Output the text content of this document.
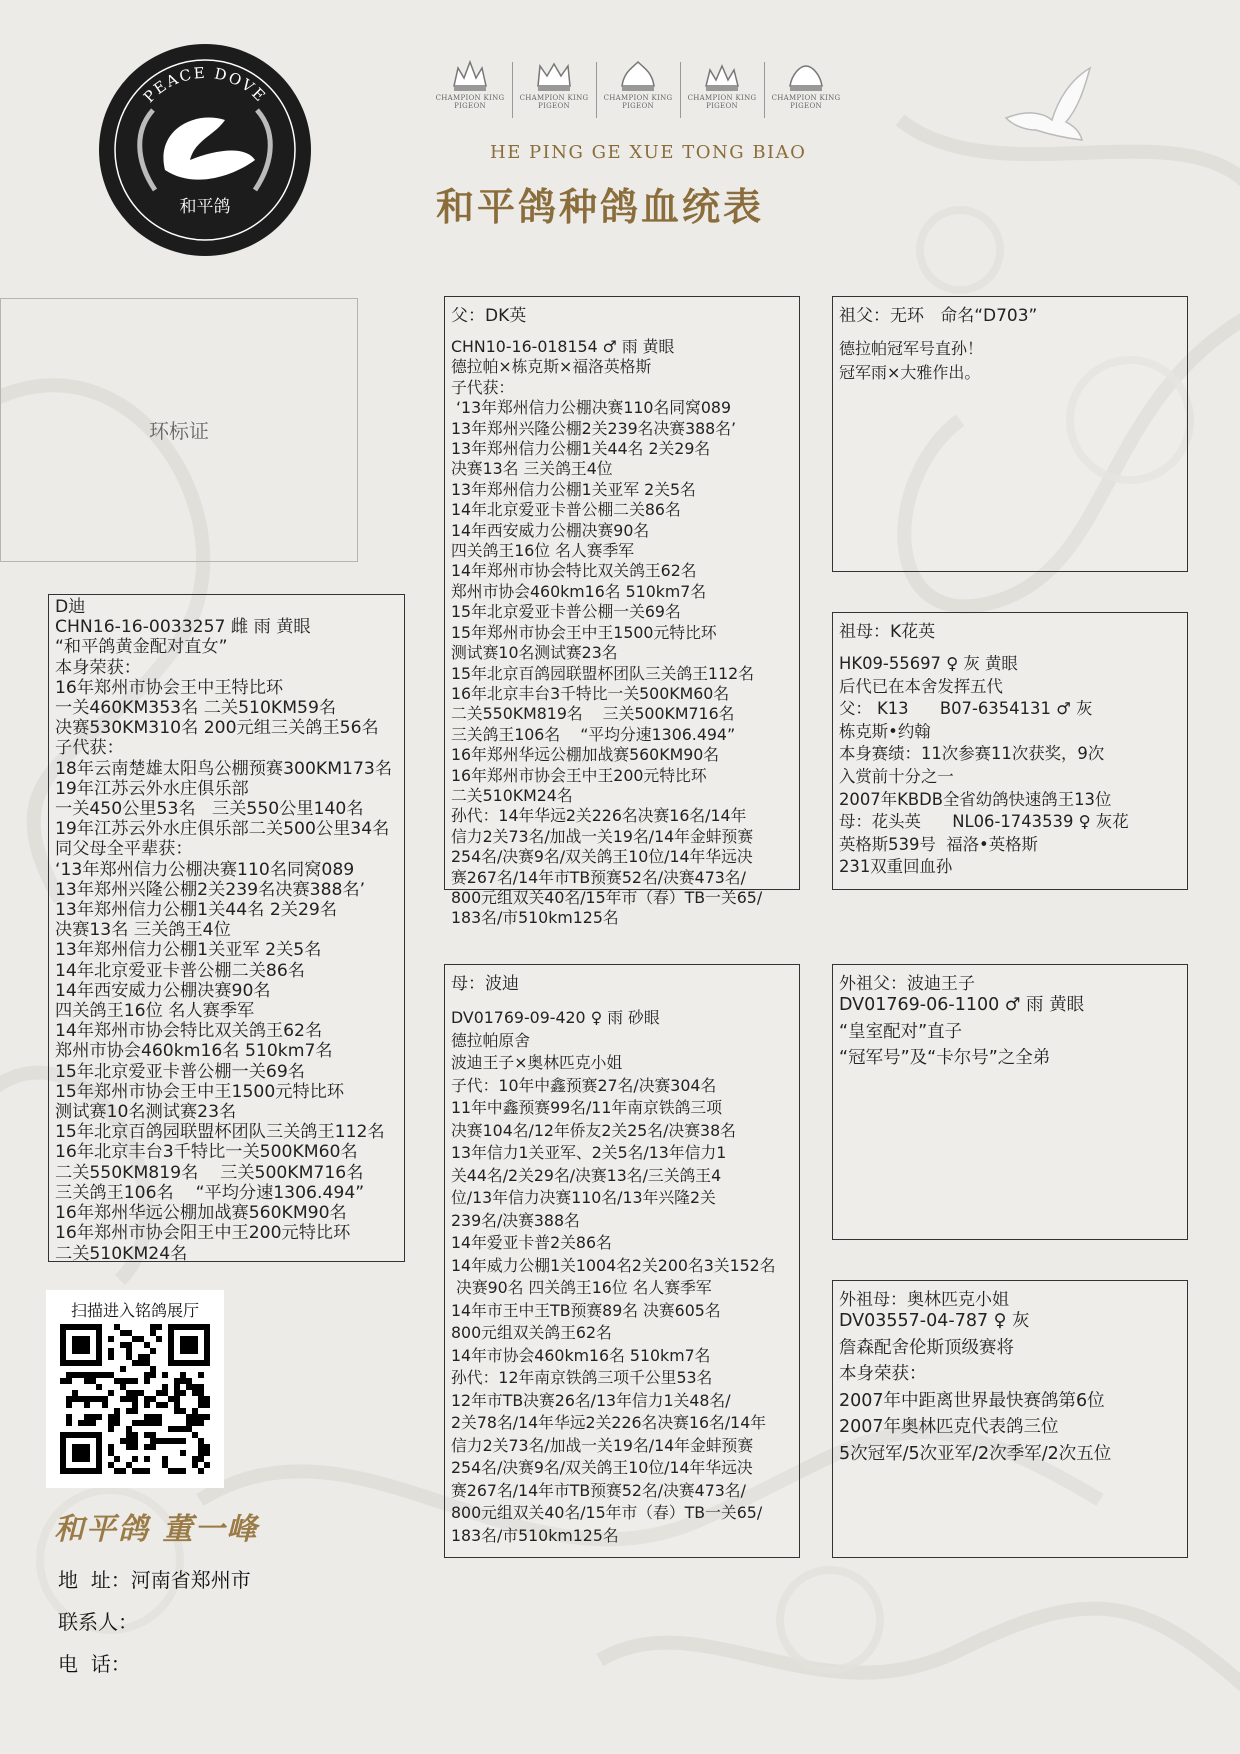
PEACE DOVE
和平鸽
CHAMPION KING PIGEON
CHAMPION KING PIGEON
CHAMPION KING PIGEON
CHAMPION KING PIGEON
CHAMPION KING PIGEON
HE PING GE XUE TONG BIAO
和平鸽种鸽血统表
环标证
D迪
CHN16-16-0033257 雌 雨 黄眼
“和平鸽黄金配对直女”
本身荣获：
16年郑州市协会王中王特比环
一关460KM353名 二关510KM59名
决赛530KM310名 200元组三关鸽王56名
子代获：
18年云南楚雄太阳鸟公棚预赛300KM173名
19年江苏云外水庄俱乐部
一关450公里53名   三关550公里140名
19年江苏云外水庄俱乐部二关500公里34名
同父母全平辈获：
‘13年郑州信力公棚决赛110名同窝089
13年郑州兴隆公棚2关239名决赛388名’
13年郑州信力公棚1关44名 2关29名
决赛13名 三关鸽王4位
13年郑州信力公棚1关亚军 2关5名
14年北京爱亚卡普公棚二关86名
14年西安威力公棚决赛90名
四关鸽王16位 名人赛季军
14年郑州市协会特比双关鸽王62名
郑州市协会460km16名 510km7名
15年北京爱亚卡普公棚一关69名
15年郑州市协会王中王1500元特比环
测试赛10名测试赛23名
15年北京百鸽园联盟杯团队三关鸽王112名
16年北京丰台3千特比一关500KM60名
二关550KM819名    三关500KM716名
三关鸽王106名    “平均分速1306.494”
16年郑州华远公棚加战赛560KM90名
16年郑州市协会阳王中王200元特比环
二关510KM24名
父：DK英
CHN10-16-018154 ♂ 雨 黄眼
德拉帕×栋克斯×福洛英格斯
子代获：
‘13年郑州信力公棚决赛110名同窝089
13年郑州兴隆公棚2关239名决赛388名’
13年郑州信力公棚1关44名 2关29名
决赛13名 三关鸽王4位
13年郑州信力公棚1关亚军 2关5名
14年北京爱亚卡普公棚二关86名
14年西安威力公棚决赛90名
四关鸽王16位 名人赛季军
14年郑州市协会特比双关鸽王62名
郑州市协会460km16名 510km7名
15年北京爱亚卡普公棚一关69名
15年郑州市协会王中王1500元特比环
测试赛10名测试赛23名
15年北京百鸽园联盟杯团队三关鸽王112名
16年北京丰台3千特比一关500KM60名
二关550KM819名    三关500KM716名
三关鸽王106名    “平均分速1306.494”
16年郑州华远公棚加战赛560KM90名
16年郑州市协会王中王200元特比环
二关510KM24名
孙代：14年华远2关226名决赛16名/14年
信力2关73名/加战一关19名/14年金蚌预赛
254名/决赛9名/双关鸽王10位/14年华远决
赛267名/14年市TB预赛52名/决赛473名/
800元组双关40名/15年市（春）TB一关65/
183名/市510km125名
母：波迪
DV01769-09-420 ♀ 雨 砂眼
德拉帕原舍
波迪王子×奥林匹克小姐
子代：10年中鑫预赛27名/决赛304名
11年中鑫预赛99名/11年南京铁鸽三项
决赛104名/12年侨友2关25名/决赛38名
13年信力1关亚军、2关5名/13年信力1
关44名/2关29名/决赛13名/三关鸽王4
位/13年信力决赛110名/13年兴隆2关
239名/决赛388名
14年爱亚卡普2关86名
14年威力公棚1关1004名2关200名3关152名
决赛90名 四关鸽王16位 名人赛季军
14年市王中王TB预赛89名 决赛605名
800元组双关鸽王62名
14年市协会460km16名 510km7名
孙代：12年南京铁鸽三项千公里53名
12年市TB决赛26名/13年信力1关48名/
2关78名/14年华远2关226名决赛16名/14年
信力2关73名/加战一关19名/14年金蚌预赛
254名/决赛9名/双关鸽王10位/14年华远决
赛267名/14年市TB预赛52名/决赛473名/
800元组双关40名/15年市（春）TB一关65/
183名/市510km125名
祖父：无环   命名“D703”
德拉帕冠军号直孙！
冠军雨×大雅作出。
祖母：K花英
HK09-55697 ♀ 灰 黄眼
后代已在本舍发挥五代
父： K13      B07-6354131 ♂ 灰
栋克斯•约翰
本身赛绩：11次参赛11次获奖，9次
入赏前十分之一
2007年KBDB全省幼鸽快速鸽王13位
母：花头英      NL06-1743539 ♀ 灰花
英格斯539号  福洛•英格斯
231双重回血孙
外祖父：波迪王子
DV01769-06-1100 ♂ 雨 黄眼
“皇室配对”直子
“冠军号”及“卡尔号”之全弟
外祖母：奥林匹克小姐
DV03557-04-787 ♀ 灰
詹森配舍伦斯顶级赛将
本身荣获：
2007年中距离世界最快赛鸽第6位
2007年奥林匹克代表鸽三位
5次冠军/5次亚军/2次季军/2次五位
扫描进入铭鸽展厅
和平鸽 董一峰
地  址：河南省郑州市
联系人：
电  话：
